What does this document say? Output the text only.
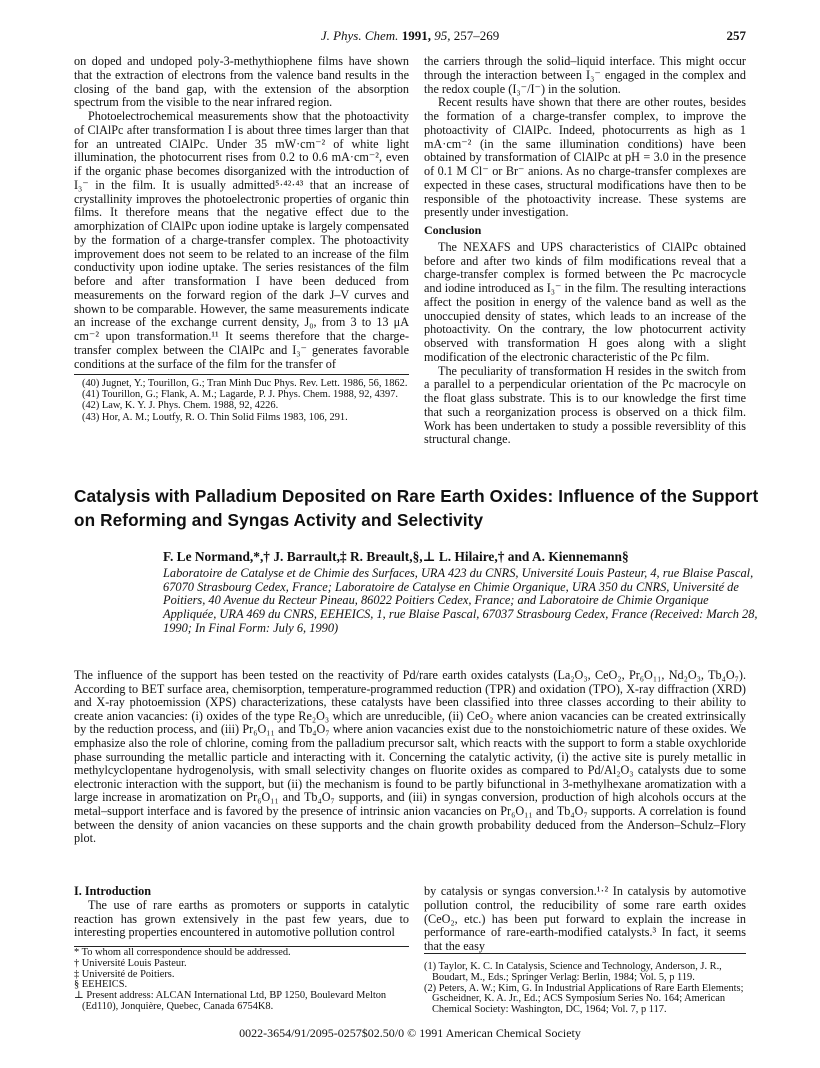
J. Phys. Chem. 1991, 95, 257–269	257

on doped and undoped poly-3-methythiophene films have shown that the extraction of electrons from the valence band results in the closing of the band gap, with the extension of the absorption spectrum from the visible to the near infrared region.

Photoelectrochemical measurements show that the photoactivity of ClAlPc after transformation I is about three times larger than that for an untreated ClAlPc. Under 35 mW·cm⁻² of white light illumination, the photocurrent rises from 0.2 to 0.6 mA·cm⁻², even if the organic phase becomes disorganized with the introduction of I₃⁻ in the film. It is usually admitted⁵·⁴²·⁴³ that an increase of crystallinity improves the photoelectronic properties of organic thin films. It therefore means that the negative effect due to the amorphization of ClAlPc upon iodine uptake is largely compensated by the formation of a charge-transfer complex. The photoactivity improvement does not seem to be related to an increase of the film conductivity upon iodine uptake. The series resistances of the film before and after transformation I have been deduced from measurements on the forward region of the dark J–V curves and shown to be comparable. However, the same measurements indicate an increase of the exchange current density, J₀, from 3 to 13 μA cm⁻² upon transformation.¹¹ It seems therefore that the charge-transfer complex between the ClAlPc and I₃⁻ generates favorable conditions at the surface of the film for the transfer of

(40) Jugnet, Y.; Tourillon, G.; Tran Minh Duc Phys. Rev. Lett. 1986, 56, 1862.
(41) Tourillon, G.; Flank, A. M.; Lagarde, P. J. Phys. Chem. 1988, 92, 4397.
(42) Law, K. Y. J. Phys. Chem. 1988, 92, 4226.
(43) Hor, A. M.; Loutfy, R. O. Thin Solid Films 1983, 106, 291.

the carriers through the solid–liquid interface. This might occur through the interaction between I₃⁻ engaged in the complex and the redox couple (I₃⁻/I⁻) in the solution.

Recent results have shown that there are other routes, besides the formation of a charge-transfer complex, to improve the photoactivity of ClAlPc. Indeed, photocurrents as high as 1 mA·cm⁻² (in the same illumination conditions) have been obtained by transformation of ClAlPc at pH = 3.0 in the presence of 0.1 M Cl⁻ or Br⁻ anions. As no charge-transfer complexes are expected in these cases, structural modifications have then to be responsible of the photoactivity increase. These systems are presently under investigation.

Conclusion

The NEXAFS and UPS characteristics of ClAlPc obtained before and after two kinds of film modifications reveal that a charge-transfer complex is formed between the Pc macrocycle and iodine introduced as I₃⁻ in the film. The resulting interactions affect the position in energy of the valence band as well as the unoccupied density of states, which leads to an increase of the photoactivity. On the contrary, the low photocurrent activity observed with transformation H goes along with a slight modification of the electronic characteristic of the Pc film.

The peculiarity of transformation H resides in the switch from a parallel to a perpendicular orientation of the Pc macrocyle on the float glass substrate. This is to our knowledge the first time that such a reorganization process is observed on a thick film. Work has been undertaken to study a possible reversiblity of this structural change.

Catalysis with Palladium Deposited on Rare Earth Oxides: Influence of the Support on Reforming and Syngas Activity and Selectivity
F. Le Normand,*,† J. Barrault,‡ R. Breault,§,⊥ L. Hilaire,† and A. Kiennemann§
Laboratoire de Catalyse et de Chimie des Surfaces, URA 423 du CNRS, Université Louis Pasteur, 4, rue Blaise Pascal, 67070 Strasbourg Cedex, France; Laboratoire de Catalyse en Chimie Organique, URA 350 du CNRS, Université de Poitiers, 40 Avenue du Recteur Pineau, 86022 Poitiers Cedex, France; and Laboratoire de Chimie Organique Appliquée, URA 469 du CNRS, EEHEICS, 1, rue Blaise Pascal, 67037 Strasbourg Cedex, France (Received: March 28, 1990; In Final Form: July 6, 1990)
The influence of the support has been tested on the reactivity of Pd/rare earth oxides catalysts (La₂O₃, CeO₂, Pr₆O₁₁, Nd₂O₃, Tb₄O₇). According to BET surface area, chemisorption, temperature-programmed reduction (TPR) and oxidation (TPO), X-ray diffraction (XRD) and X-ray photoemission (XPS) characterizations, these catalysts have been classified into three classes according to their ability to create anion vacancies: (i) oxides of the type Re₂O₃ which are unreducible, (ii) CeO₂ where anion vacancies can be created extrinsically by the reduction process, and (iii) Pr₆O₁₁ and Tb₄O₇ where anion vacancies exist due to the nonstoichiometric nature of these oxides. We emphasize also the role of chlorine, coming from the palladium precursor salt, which reacts with the support to form a stable oxychloride phase surrounding the metallic particle and interacting with it. Concerning the catalytic activity, (i) the active site is purely metallic in methylcyclopentane hydrogenolysis, with small selectivity changes on fluorite oxides as compared to Pd/Al₂O₃ catalysts due to some electronic interaction with the support, but (ii) the mechanism is found to be partly bifunctional in 3-methylhexane aromatization with a large increase in aromatization on Pr₆O₁₁ and Tb₄O₇ supports, and (iii) in syngas conversion, production of high alcohols occurs at the metal–support interface and is favored by the presence of intrinsic anion vacancies on Pr₆O₁₁ and Tb₄O₇ supports. A correlation is found between the density of anion vacancies on these supports and the chain growth probability deduced from the Anderson–Schulz–Flory plot.
I. Introduction

The use of rare earths as promoters or supports in catalytic reaction has grown extensively in the past few years, due to interesting properties encountered in automotive pollution control

by catalysis or syngas conversion.¹·² In catalysis by automotive pollution control, the reducibility of some rare earth oxides (CeO₂, etc.) has been put forward to explain the increase in performance of rare-earth-modified catalysts.³ In fact, it seems that the easy

* To whom all correspondence should be addressed.
† Université Louis Pasteur.
‡ Université de Poitiers.
§ EEHEICS.
⊥ Present address: ALCAN International Ltd, BP 1250, Boulevard Melton (Ed110), Jonquière, Quebec, Canada 6754K8.
(1) Taylor, K. C. In Catalysis, Science and Technology, Anderson, J. R., Boudart, M., Eds.; Springer Verlag: Berlin, 1984; Vol. 5, p 119.
(2) Peters, A. W.; Kim, G. In Industrial Applications of Rare Earth Elements; Gscheidner, K. A. Jr., Ed.; ACS Symposium Series No. 164; American Chemical Society: Washington, DC, 1964; Vol. 7, p 117.
0022-3654/91/2095-0257$02.50/0 © 1991 American Chemical Society
